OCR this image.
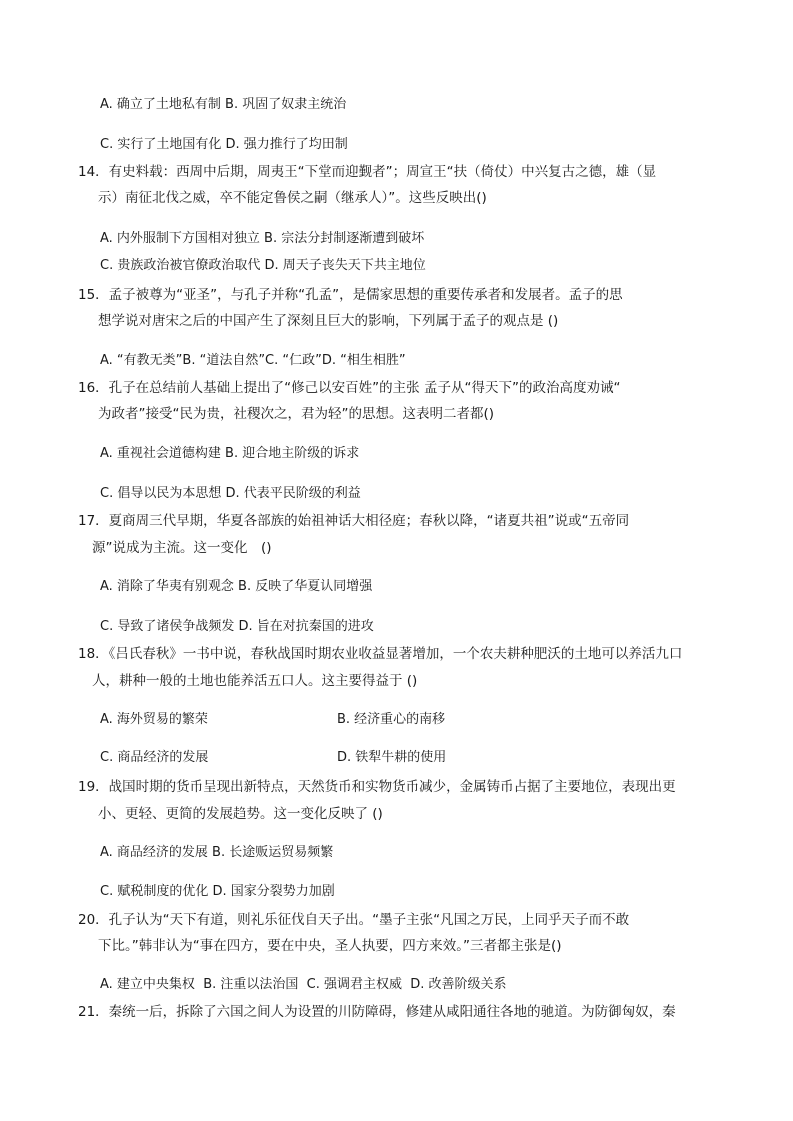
A. 确立了土地私有制 B. 巩固了奴隶主统治

C. 实行了土地国有化 D. 强力推行了均田制

14．有史料载：西周中后期，周夷王“下堂而迎觐者”；周宣王“扶（倚仗）中兴复古之德，雄（显

示）南征北伐之威，卒不能定鲁侯之嗣（继承人）”。这些反映出()

A. 内外服制下方国相对独立 B. 宗法分封制逐渐遭到破坏

C. 贵族政治被官僚政治取代 D. 周天子丧失天下共主地位

15．孟子被尊为“亚圣”，与孔子并称“孔孟”，是儒家思想的重要传承者和发展者。孟子的思

想学说对唐宋之后的中国产生了深刻且巨大的影响，下列属于孟子的观点是 ()

A. “有教无类”B. “道法自然”C. “仁政”D. “相生相胜”

16．孔子在总结前人基础上提出了“修己以安百姓”的主张 孟子从“得天下”的政治高度劝诫“

为政者”接受“民为贵，社稷次之，君为轻”的思想。这表明二者都()

A. 重视社会道德构建 B. 迎合地主阶级的诉求

C. 倡导以民为本思想 D. 代表平民阶级的利益

17．夏商周三代早期，华夏各部族的始祖神话大相径庭；春秋以降，“诸夏共祖”说或“五帝同

源”说成为主流。这一变化　()

A. 消除了华夷有别观念 B. 反映了华夏认同增强

C. 导致了诸侯争战频发 D. 旨在对抗秦国的进攻

18．《吕氏春秋》一书中说，春秋战国时期农业收益显著增加，一个农夫耕种肥沃的土地可以养活九口

人，耕种一般的土地也能养活五口人。这主要得益于 ()

A. 海外贸易的繁荣	B. 经济重心的南移

C. 商品经济的发展	D. 铁犁牛耕的使用

19．战国时期的货币呈现出新特点，天然货币和实物货币减少，金属铸币占据了主要地位，表现出更

小、更轻、更简的发展趋势。这一变化反映了 ()

A. 商品经济的发展 B. 长途贩运贸易频繁

C. 赋税制度的优化 D. 国家分裂势力加剧

20．孔子认为“天下有道，则礼乐征伐自天子出。“墨子主张“凡国之万民，上同乎天子而不敢

下比。”韩非认为“事在四方，要在中央，圣人执要，四方来效。”三者都主张是()

A. 建立中央集权  B. 注重以法治国  C. 强调君主权威  D. 改善阶级关系

21．秦统一后，拆除了六国之间人为设置的川防障碍，修建从咸阳通往各地的驰道。为防御匈奴，秦
